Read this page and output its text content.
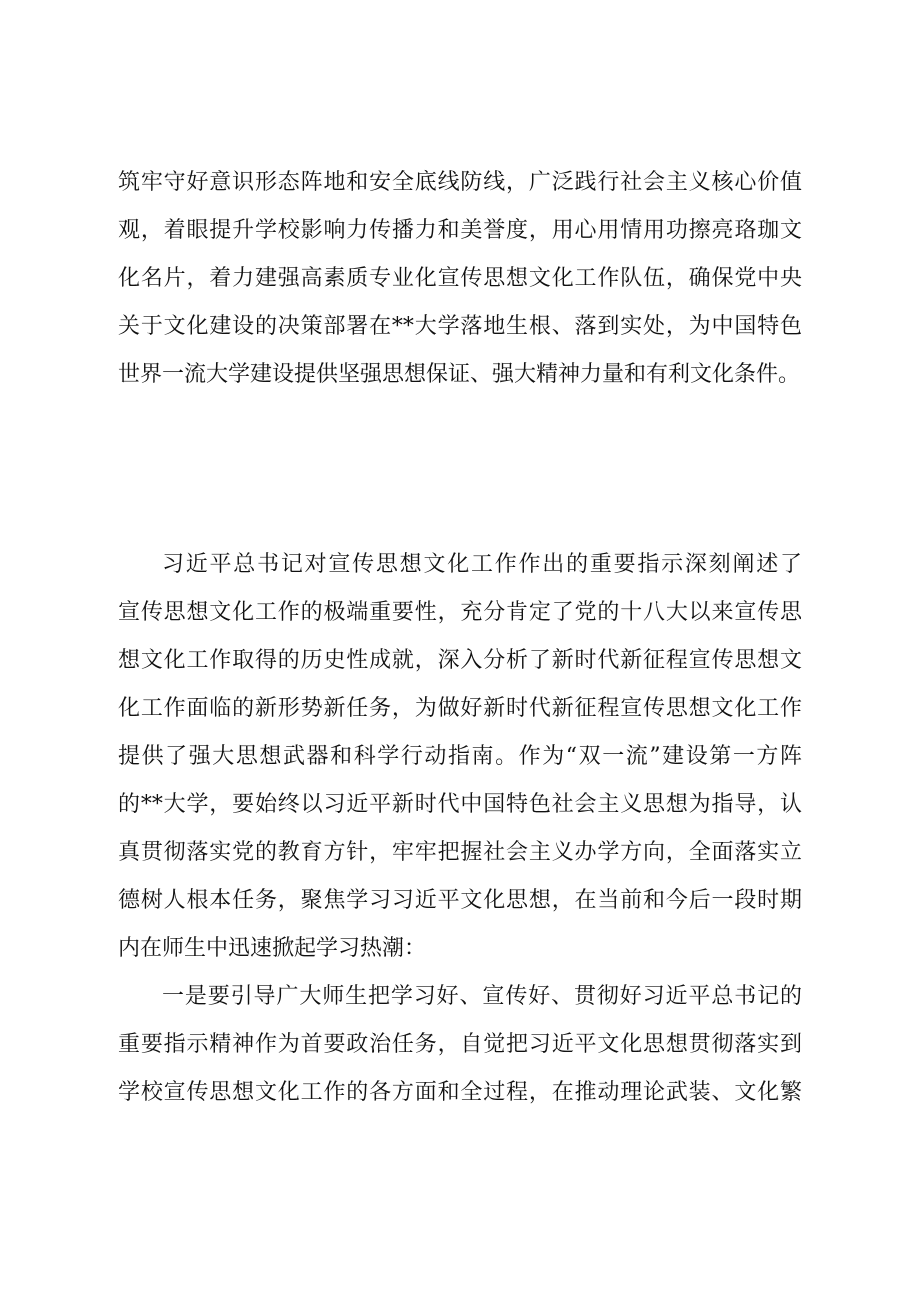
筑牢守好意识形态阵地和安全底线防线，广泛践行社会主义核心价值
观，着眼提升学校影响力传播力和美誉度，用心用情用功擦亮珞珈文
化名片，着力建强高素质专业化宣传思想文化工作队伍，确保党中央
关于文化建设的决策部署在**大学落地生根、落到实处，为中国特色
世界一流大学建设提供坚强思想保证、强大精神力量和有利文化条件。
习近平总书记对宣传思想文化工作作出的重要指示深刻阐述了
宣传思想文化工作的极端重要性，充分肯定了党的十八大以来宣传思
想文化工作取得的历史性成就，深入分析了新时代新征程宣传思想文
化工作面临的新形势新任务，为做好新时代新征程宣传思想文化工作
提供了强大思想武器和科学行动指南。作为“双一流”建设第一方阵
的**大学，要始终以习近平新时代中国特色社会主义思想为指导，认
真贯彻落实党的教育方针，牢牢把握社会主义办学方向，全面落实立
德树人根本任务，聚焦学习习近平文化思想，在当前和今后一段时期
内在师生中迅速掀起学习热潮：
一是要引导广大师生把学习好、宣传好、贯彻好习近平总书记的
重要指示精神作为首要政治任务，自觉把习近平文化思想贯彻落实到
学校宣传思想文化工作的各方面和全过程，在推动理论武装、文化繁
